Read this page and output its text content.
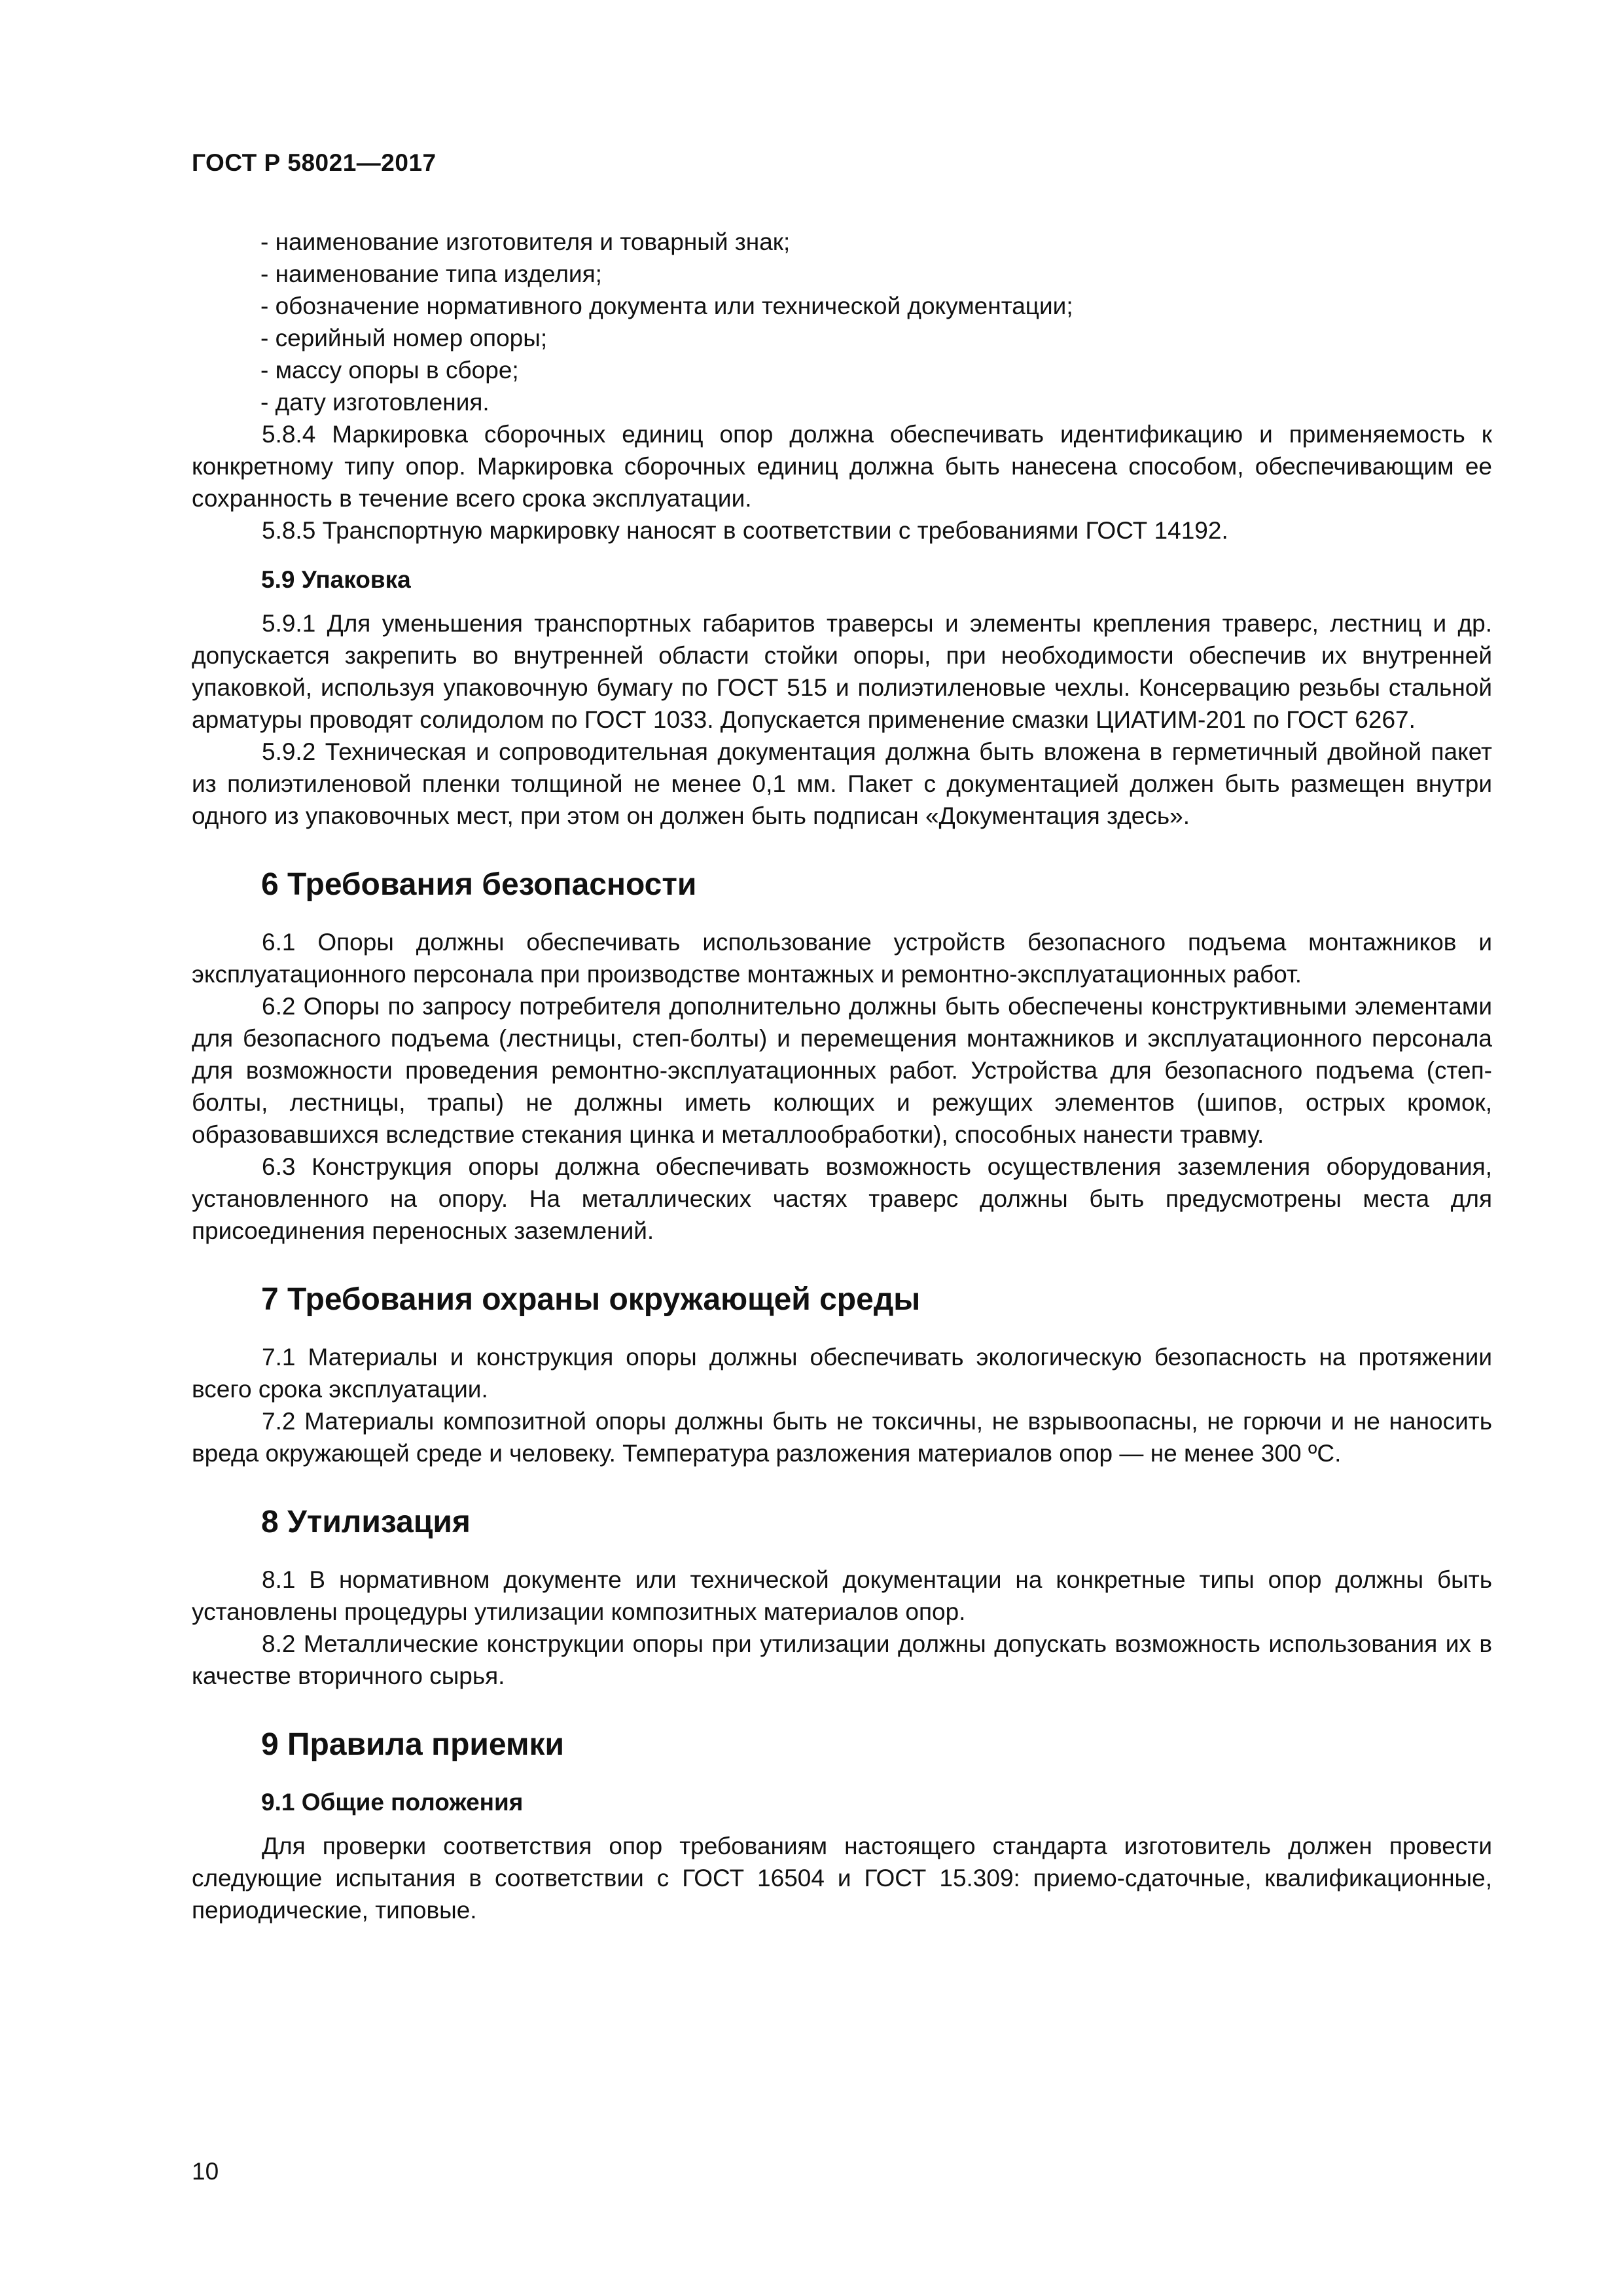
ГОСТ Р 58021—2017

- наименование изготовителя и товарный знак;

- наименование типа изделия;

- обозначение нормативного документа или технической документации;

- серийный номер опоры;

- массу опоры в сборе;

- дату изготовления.

5.8.4 Маркировка сборочных единиц опор должна обеспечивать идентификацию и применяемость к конкретному типу опор. Маркировка сборочных единиц должна быть нанесена способом, обеспечивающим ее сохранность в течение всего срока эксплуатации.

5.8.5 Транспортную маркировку наносят в соответствии с требованиями ГОСТ 14192.

5.9 Упаковка

5.9.1 Для уменьшения транспортных габаритов траверсы и элементы крепления траверс, лестниц и др. допускается закрепить во внутренней области стойки опоры, при необходимости обеспечив их внутренней упаковкой, используя упаковочную бумагу по ГОСТ 515 и полиэтиленовые чехлы. Консервацию резьбы стальной арматуры проводят солидолом по ГОСТ 1033. Допускается применение смазки ЦИАТИМ-201 по ГОСТ 6267.

5.9.2 Техническая и сопроводительная документация должна быть вложена в герметичный двойной пакет из полиэтиленовой пленки толщиной не менее 0,1 мм. Пакет с документацией должен быть размещен внутри одного из упаковочных мест, при этом он должен быть подписан «Документация здесь».

6 Требования безопасности

6.1 Опоры должны обеспечивать использование устройств безопасного подъема монтажников и эксплуатационного персонала при производстве монтажных и ремонтно-эксплуатационных работ.

6.2 Опоры по запросу потребителя дополнительно должны быть обеспечены конструктивными элементами для безопасного подъема (лестницы, степ-болты) и перемещения монтажников и эксплуатационного персонала для возможности проведения ремонтно-эксплуатационных работ. Устройства для безопасного подъема (степ-болты, лестницы, трапы) не должны иметь колющих и режущих элементов (шипов, острых кромок, образовавшихся вследствие стекания цинка и металлообработки), способных нанести травму.

6.3 Конструкция опоры должна обеспечивать возможность осуществления заземления оборудования, установленного на опору. На металлических частях траверс должны быть предусмотрены места для присоединения переносных заземлений.

7 Требования охраны окружающей среды

7.1 Материалы и конструкция опоры должны обеспечивать экологическую безопасность на протяжении всего срока эксплуатации.

7.2 Материалы композитной опоры должны быть не токсичны, не взрывоопасны, не горючи и не наносить вреда окружающей среде и человеку. Температура разложения материалов опор — не менее 300 ºС.

8 Утилизация

8.1 В нормативном документе или технической документации на конкретные типы опор должны быть установлены процедуры утилизации композитных материалов опор.

8.2 Металлические конструкции опоры при утилизации должны допускать возможность использования их в качестве вторичного сырья.

9 Правила приемки
9.1 Общие положения

Для проверки соответствия опор требованиям настоящего стандарта изготовитель должен провести следующие испытания в соответствии с ГОСТ 16504 и ГОСТ 15.309: приемо-сдаточные, квалификационные, периодические, типовые.

10
